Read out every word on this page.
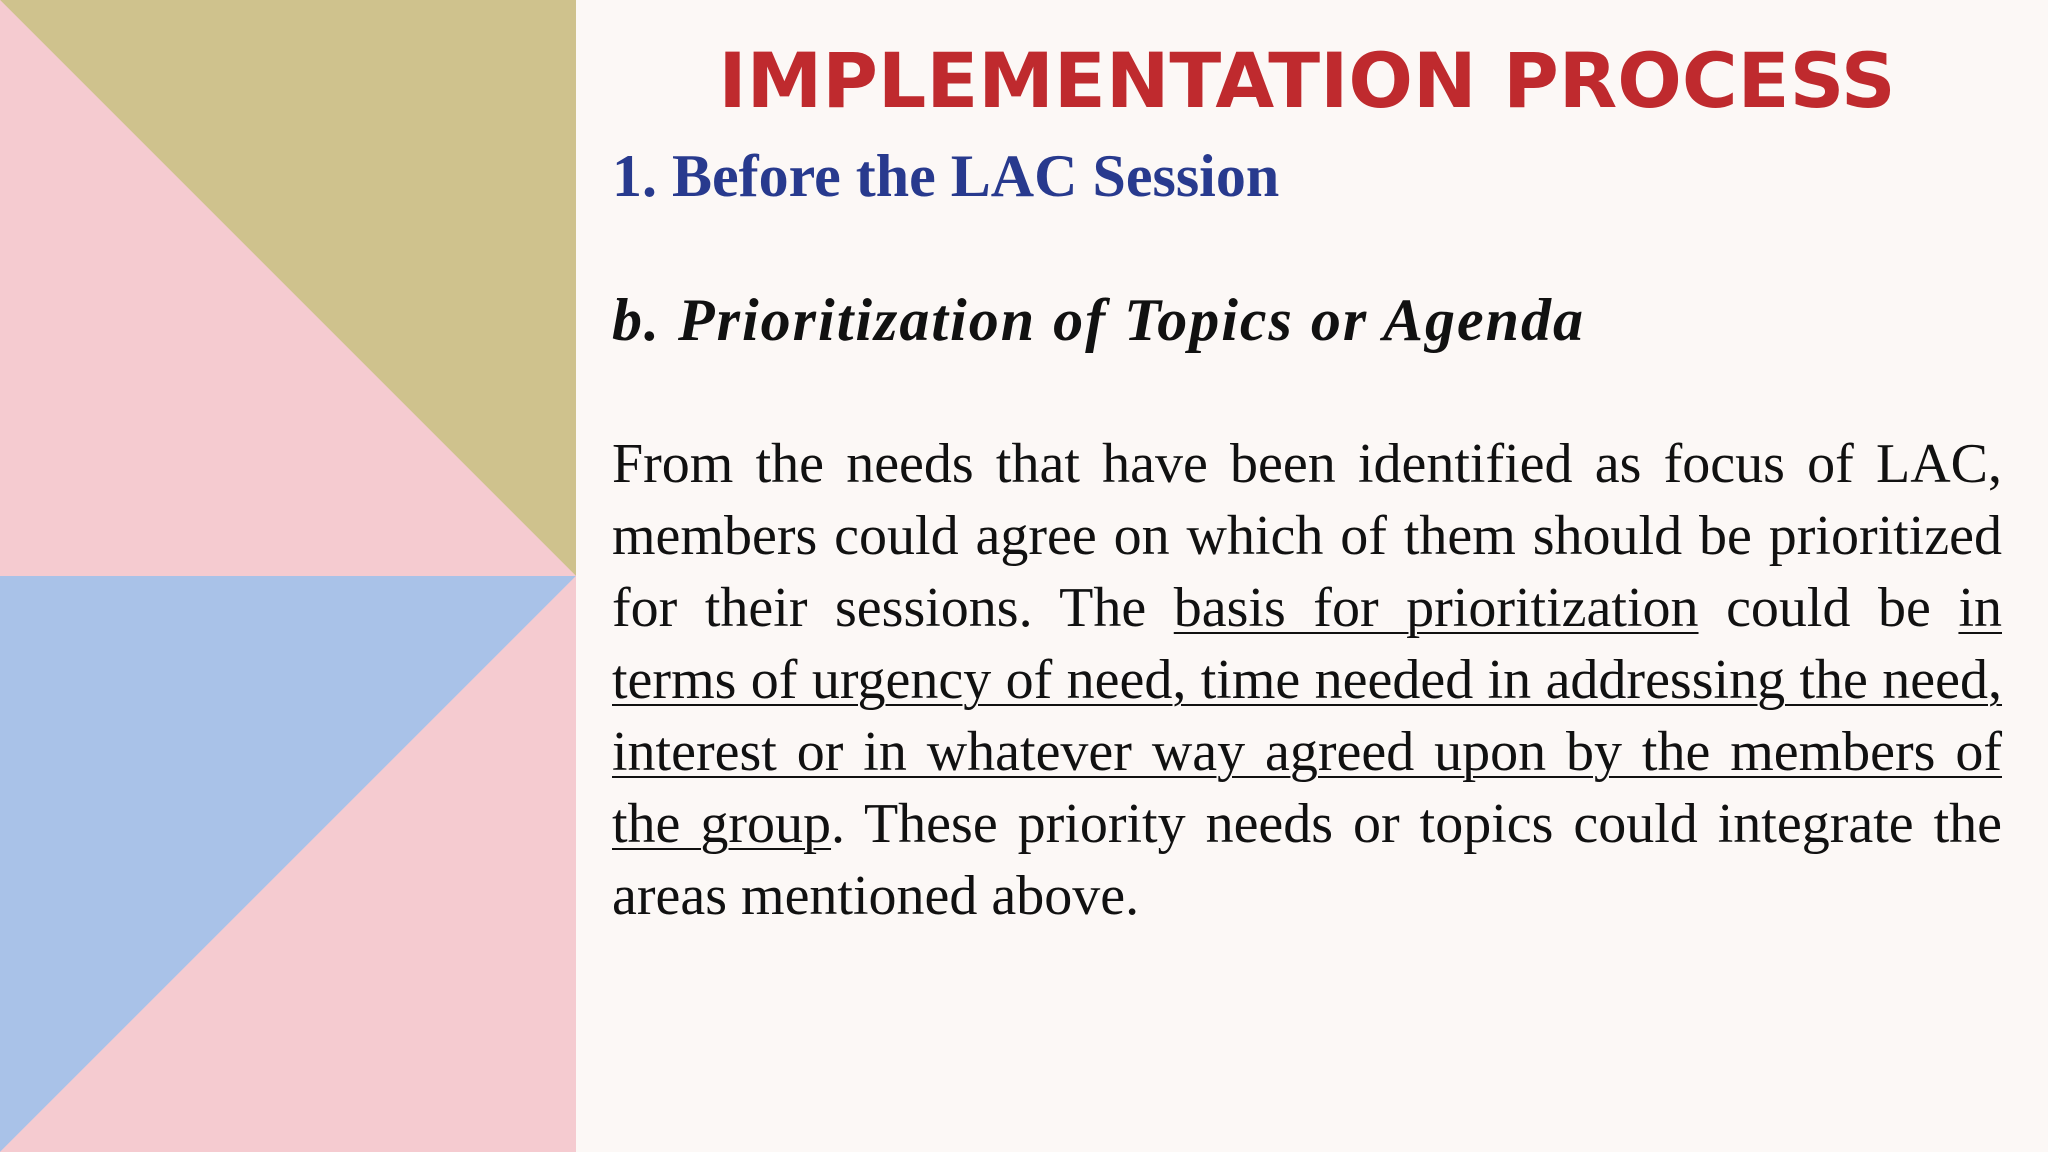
IMPLEMENTATION PROCESS
1. Before the LAC Session
b. Prioritization of Topics or Agenda

From the needs that have been identified as focus of LAC, members could agree on which of them should be prioritized for their sessions. The basis for prioritization could be in terms of urgency of need, time needed in addressing the need, interest or in whatever way agreed upon by the members of the group. These priority needs or topics could integrate the areas mentioned above.
